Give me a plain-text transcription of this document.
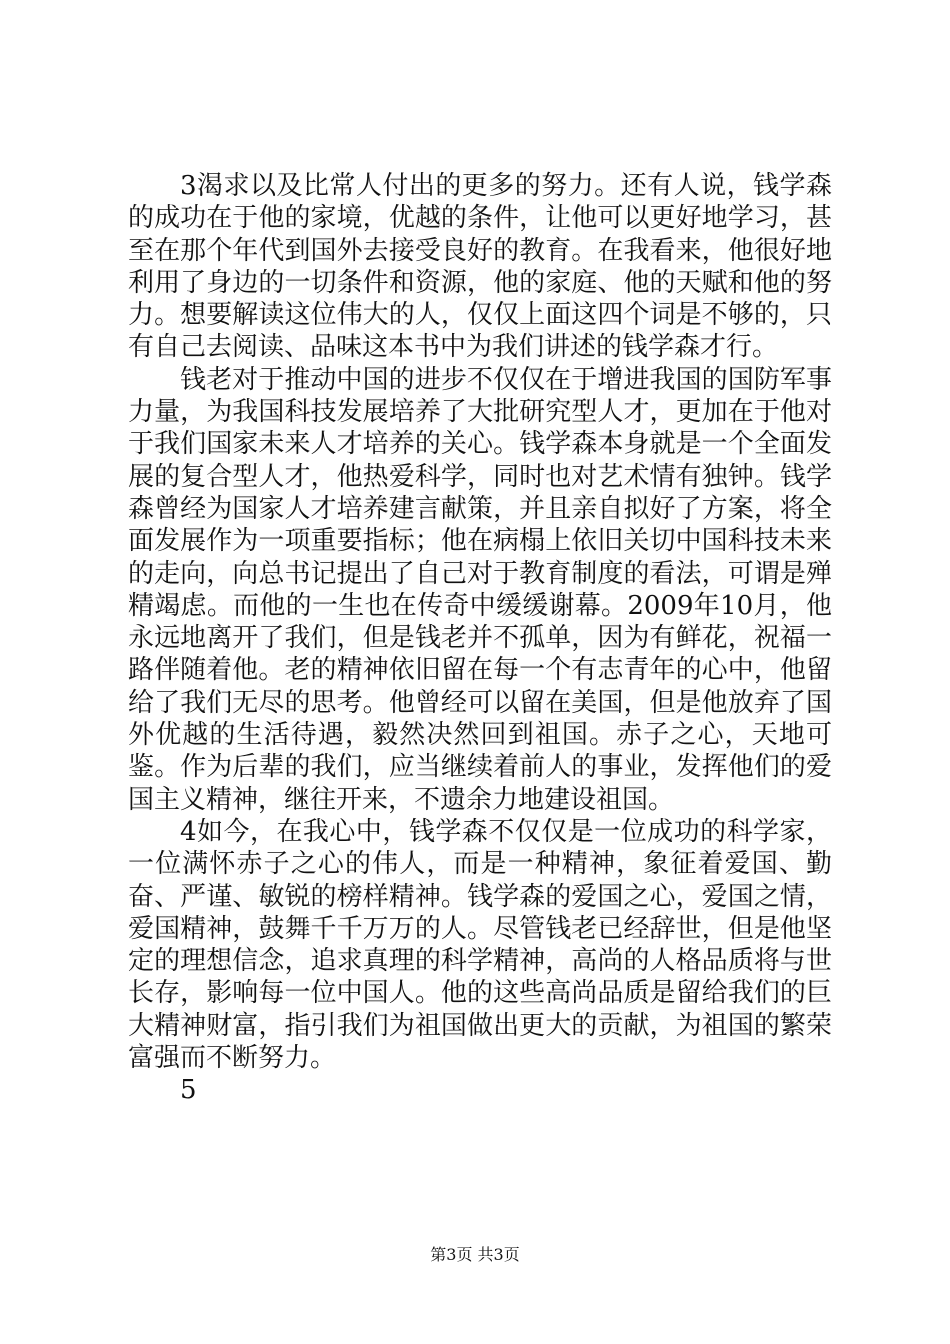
3渴求以及比常人付出的更多的努力。还有人说，钱学森的成功在于他的家境，优越的条件，让他可以更好地学习，甚至在那个年代到国外去接受良好的教育。在我看来，他很好地利用了身边的一切条件和资源，他的家庭、他的天赋和他的努力。想要解读这位伟大的人，仅仅上面这四个词是不够的，只有自己去阅读、品味这本书中为我们讲述的钱学森才行。

钱老对于推动中国的进步不仅仅在于增进我国的国防军事力量，为我国科技发展培养了大批研究型人才，更加在于他对于我们国家未来人才培养的关心。钱学森本身就是一个全面发展的复合型人才，他热爱科学，同时也对艺术情有独钟。钱学森曾经为国家人才培养建言献策，并且亲自拟好了方案，将全面发展作为一项重要指标；他在病榻上依旧关切中国科技未来的走向，向总书记提出了自己对于教育制度的看法，可谓是殚精竭虑。而他的一生也在传奇中缓缓谢幕。2009年10月，他永远地离开了我们，但是钱老并不孤单，因为有鲜花，祝福一路伴随着他。老的精神依旧留在每一个有志青年的心中，他留给了我们无尽的思考。他曾经可以留在美国，但是他放弃了国外优越的生活待遇，毅然决然回到祖国。赤子之心，天地可鉴。作为后辈的我们，应当继续着前人的事业，发挥他们的爱国主义精神，继往开来，不遗余力地建设祖国。

4如今，在我心中，钱学森不仅仅是一位成功的科学家，一位满怀赤子之心的伟人，而是一种精神，象征着爱国、勤奋、严谨、敏锐的榜样精神。钱学森的爱国之心，爱国之情，爱国精神，鼓舞千千万万的人。尽管钱老已经辞世，但是他坚定的理想信念，追求真理的科学精神，高尚的人格品质将与世长存，影响每一位中国人。他的这些高尚品质是留给我们的巨大精神财富，指引我们为祖国做出更大的贡献，为祖国的繁荣富强而不断努力。

5

第3页 共3页
